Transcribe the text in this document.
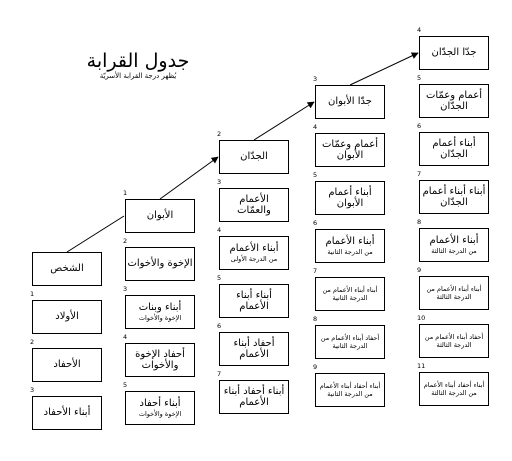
جدول القرابة
يُظهر درجة القرابة الأسريّة
الشخص
1
الأولاد
2
الأحفاد
3
أبناء الأحفاد
1
الأبوان
2
الإخوة والأخوات
3
أبناء وبنات
الإخوة والأخوات
4
أحفاد الإخوة والأخوات
5
أبناء أحفاد
الإخوة والأخوات
2
الجدّان
3
الأعمام والعمّات
4
أبناء الأعمام
من الدرجة الأولى
5
أبناء أبناء الأعمام
6
أحفاد أبناء الأعمام
7
أبناء أحفاد أبناء الأعمام
3
جدّا الأبوان
4
أعمام وعمّات الأبوان
5
أبناء أعمام الأبوان
6
أبناء الأعمام
من الدرجة الثانية
7
أبناء أبناء الأعمام من الدرجة الثانية
8
أحفاد أبناء الأعمام من الدرجة الثانية
9
أبناء أحفاد أبناء الأعمام من الدرجة الثانية
4
جدّا الجدّان
5
أعمام وعمّات الجدّان
6
أبناء أعمام الجدّان
7
أبناء أبناء أعمام الجدّان
8
أبناء الأعمام
من الدرجة الثالثة
9
أبناء أبناء الأعمام من الدرجة الثالثة
10
أحفاد أبناء الأعمام من الدرجة الثالثة
11
أبناء أحفاد أبناء الأعمام من الدرجة الثالثة
